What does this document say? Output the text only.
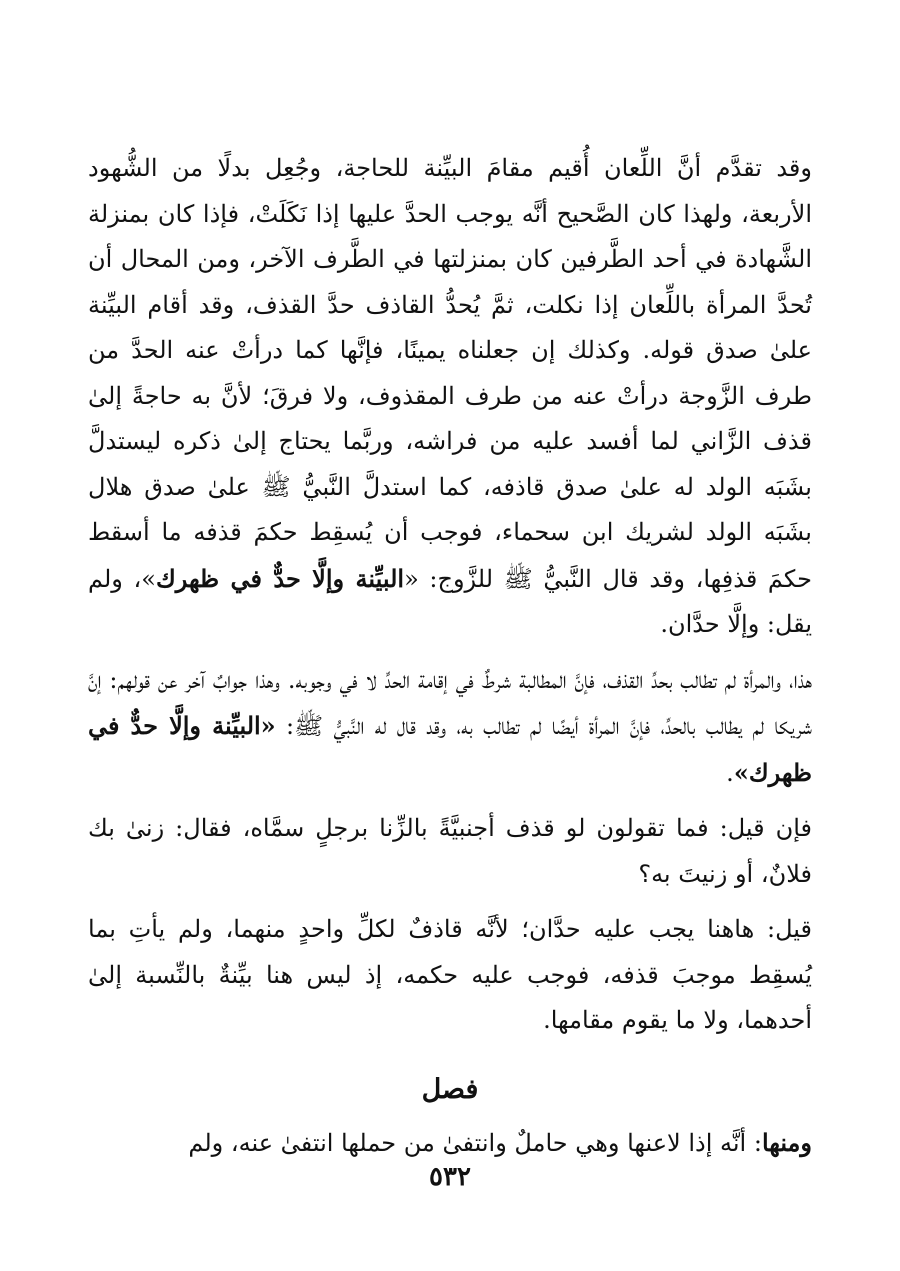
وقد تقدَّم أنَّ اللِّعان أُقيم مقامَ البيِّنة للحاجة، وجُعِل بدلًا من الشُّهود الأربعة، ولهذا كان الصَّحيح أنَّه يوجب الحدَّ عليها إذا نَكَلَتْ، فإذا كان بمنزلة الشَّهادة في أحد الطَّرفين كان بمنزلتها في الطَّرف الآخر، ومن المحال أن تُحدَّ المرأة باللِّعان إذا نكلت، ثمَّ يُحدُّ القاذف حدَّ القذف، وقد أقام البيِّنة علىٰ صدق قوله. وكذلك إن جعلناه يمينًا، فإنَّها كما درأتْ عنه الحدَّ من طرف الزَّوجة درأتْ عنه من طرف المقذوف، ولا فرقَ؛ لأنَّ به حاجةً إلىٰ قذف الزَّاني لما أفسد عليه من فراشه، وربَّما يحتاج إلىٰ ذكره ليستدلَّ بشَبَه الولد له علىٰ صدق قاذفه، كما استدلَّ النَّبيُّ ﷺ علىٰ صدق هلال بشَبَه الولد لشريك ابن سحماء، فوجب أن يُسقِط حكمَ قذفه ما أسقط حكمَ قذفِها، وقد قال النَّبيُّ ﷺ للزَّوج: «البيِّنة وإلَّا حدٌّ في ظهرك»، ولم يقل: وإلَّا حدَّان.

هذا، والمرأة لم تطالب بحدِّ القذف، فإنَّ المطالبة شرطٌ في إقامة الحدِّ لا في وجوبه. وهذا جوابٌ آخر عن قولهم: إنَّ شريكا لم يطالب بالحدِّ، فإنَّ المرأة أيضًا لم تطالب به، وقد قال له النَّبيُّ ﷺ: «البيِّنة وإلَّا حدٌّ في ظهرك».

فإن قيل: فما تقولون لو قذف أجنبيَّةً بالزِّنا برجلٍ سمَّاه، فقال: زنىٰ بك فلانٌ، أو زنيتَ به؟

قيل: هاهنا يجب عليه حدَّان؛ لأنَّه قاذفٌ لكلِّ واحدٍ منهما، ولم يأتِ بما يُسقِط موجبَ قذفه، فوجب عليه حكمه، إذ ليس هنا بيِّنةٌ بالنِّسبة إلىٰ أحدهما، ولا ما يقوم مقامها.

فصل

ومنها: أنَّه إذا لاعنها وهي حاملٌ وانتفىٰ من حملها انتفىٰ عنه، ولم

٥٣٢
